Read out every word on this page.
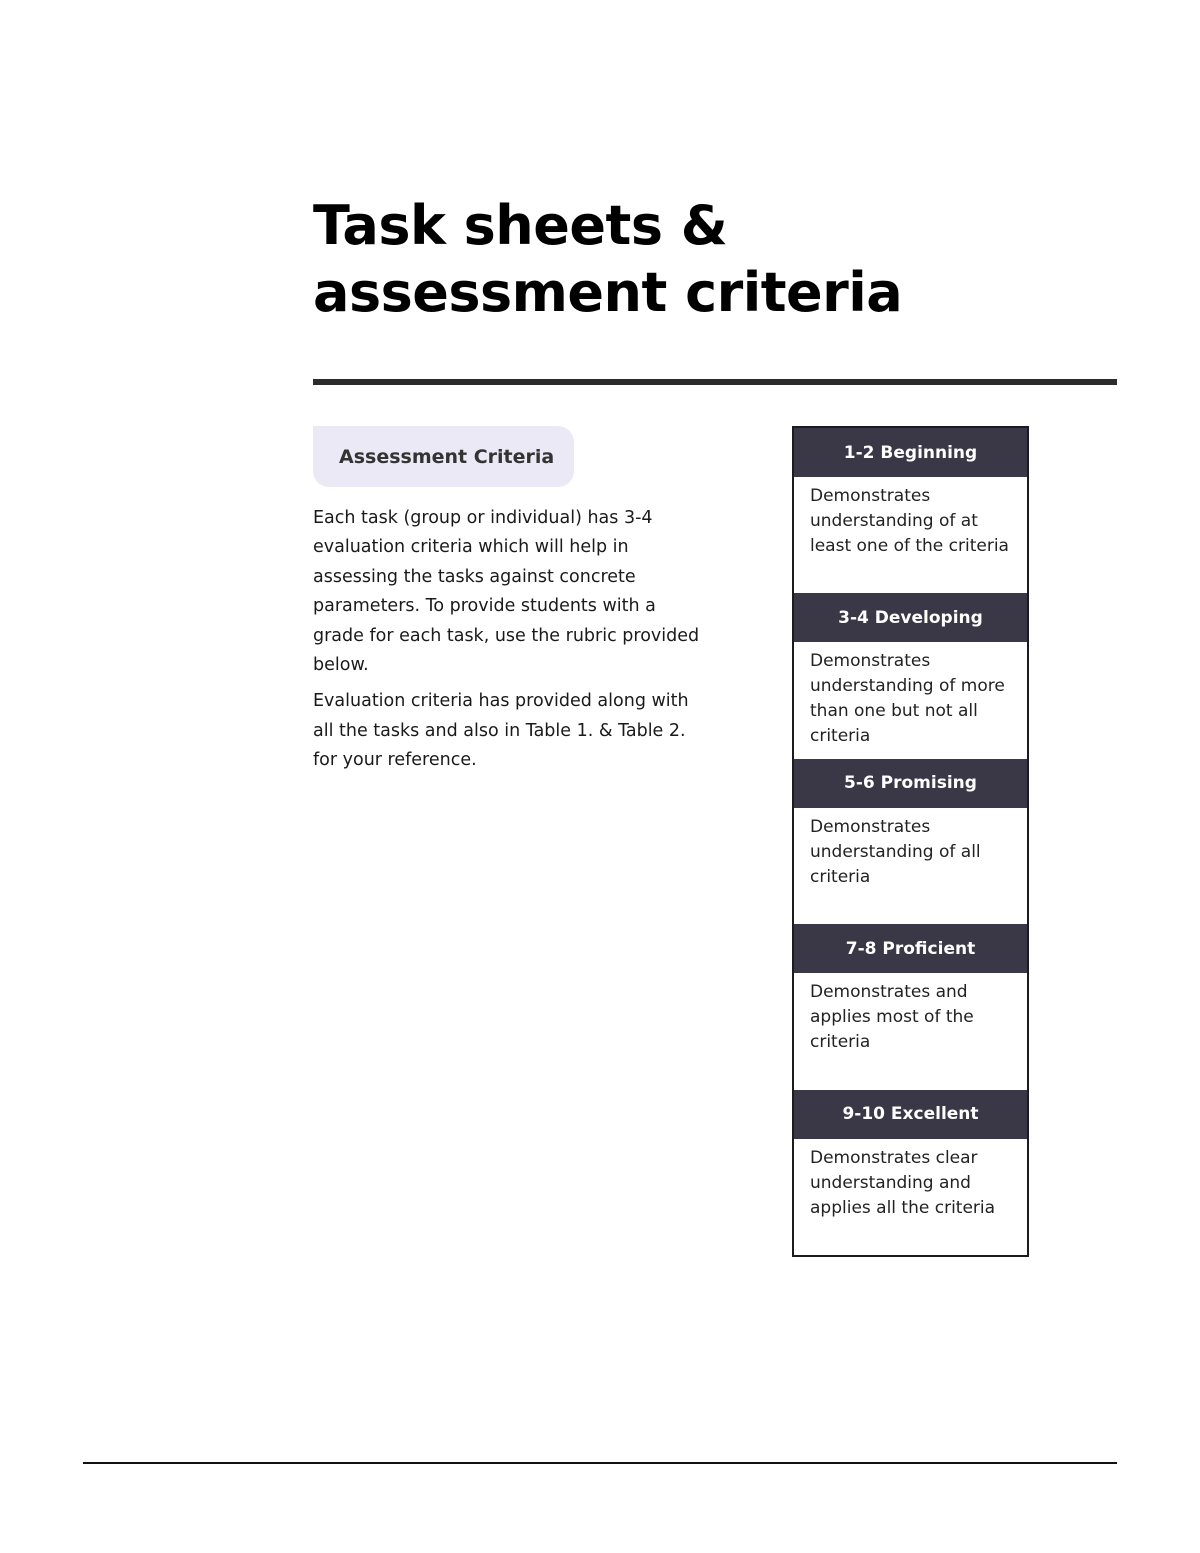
Task sheets &
assessment criteria
Assessment Criteria

Each task (group or individual) has 3-4 evaluation criteria which will help in assessing the tasks against concrete parameters. To provide students with a grade for each task, use the rubric provided below.

Evaluation criteria has provided along with all the tasks and also in Table 1. & Table 2. for your reference.

1-2 Beginning
Demonstrates understanding of at least one of the criteria
3-4 Developing
Demonstrates understanding of more than one but not all criteria
5-6 Promising
Demonstrates understanding of all criteria
7-8 Proficient
Demonstrates and applies most of the criteria
9-10 Excellent
Demonstrates clear understanding and applies all the criteria
